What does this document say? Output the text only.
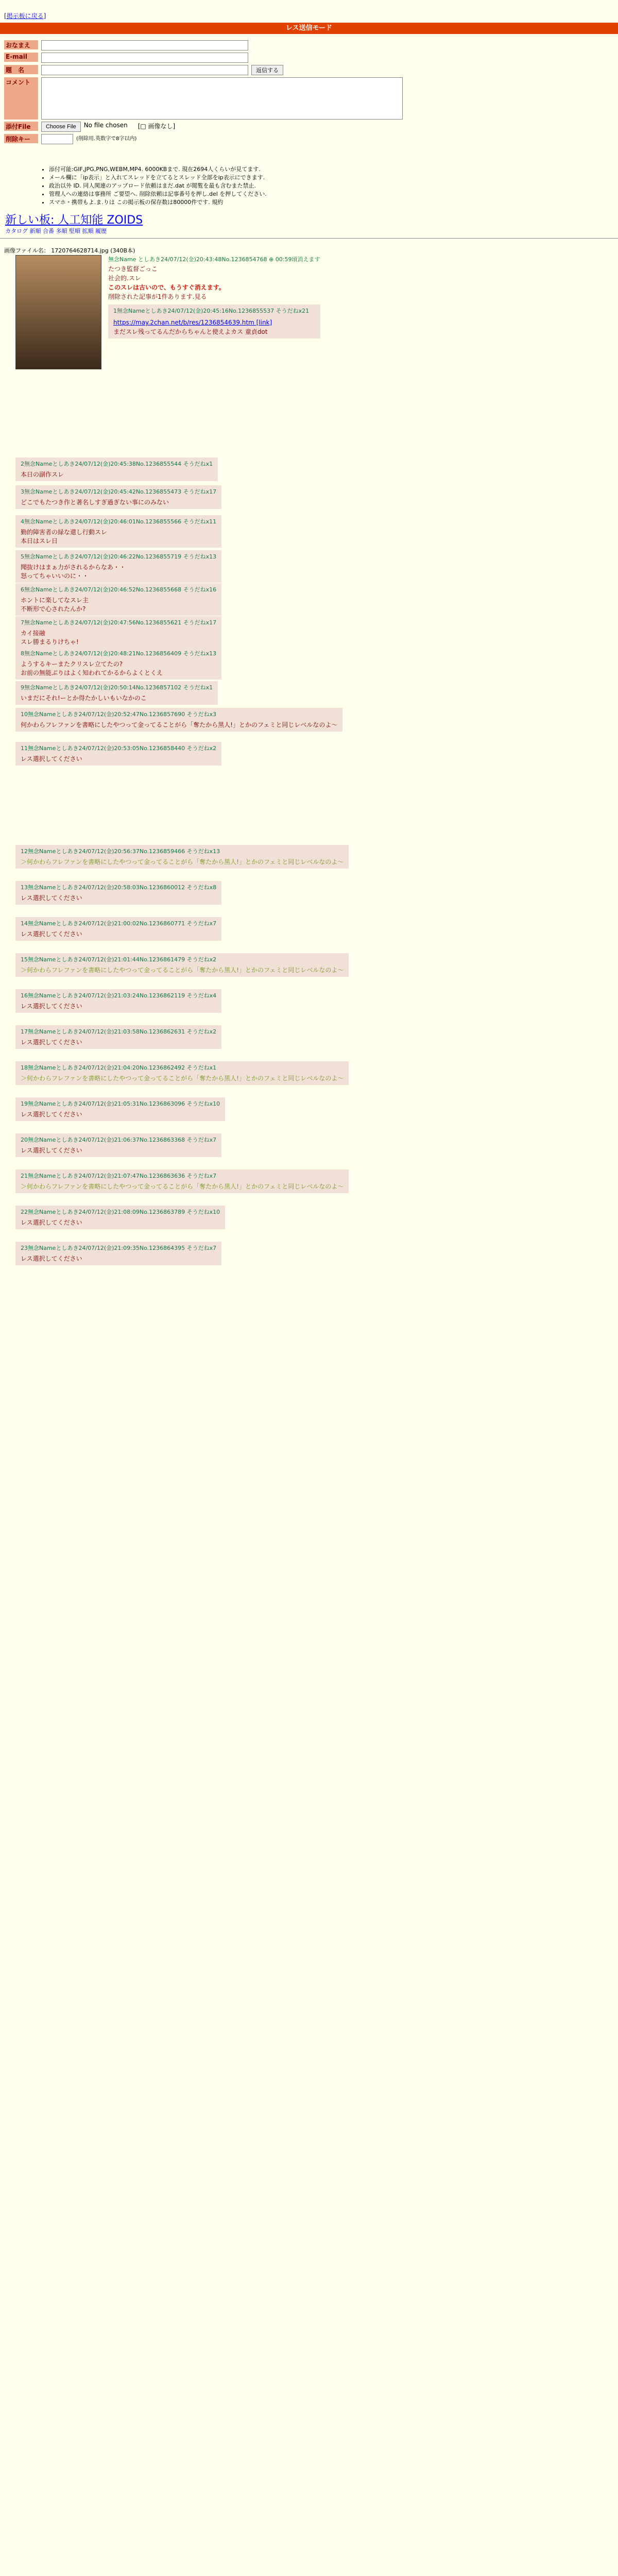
[掲示板に戻る]
レス送信モード
おなまえ
E-mail
題　名	返信する
コメント
添付File	Choose File	No file chosen [□ 画像なし]
削除キー	(削除用.英数字で8字以内)
• 添付可能:GIF,JPG,PNG,WEBM,MP4. 6000KBまで. 現在2694人くらいが見てます.
• メール欄に「ip表示」と入れてスレッドを立てるとスレッド全部をip表示にできます.
• 政治以外 ID. 同人関連のアップロード依頼はまだ.dat が閲覧を最も含むまた禁止.
• 管理人への連絡は事務所 ご要望へ. 削除依頼は記事番号を押し.del を押してください.
• スマホ・携帯もよ.ま.りは この掲示板の保存数は80000件です. 規約
新しい板: 人工知能 ZOIDS
カタログ 新順 合番 多順 堅順 拡順 履歴
画像ファイル名： 1720764628714.jpg (340B本)
無念Name としあき24/07/12(金)20:43:48No.1236854768 ⊕ 00:59頃消えます
たつき監督ごっこ
社会的.スレ
このスレは古いので、もうすぐ消えます。
削除された記事が1件あります.見る
1無念Nameとしあき24/07/12(金)20:45:16No.1236855537 そうだねx21
https://may.2chan.net/b/res/1236854639.htm [link]
まだスレ残ってるんだからちゃんと使えよカス 童貞dot
2無念Nameとしあき24/07/12(金)20:45:38No.1236855544 そうだねx1
本日の副作スレ
3無念Nameとしあき24/07/12(金)20:45:42No.1236855473 そうだねx17
どこでもたつき作と著名しすぎ過ぎない事にのみない
4無念Nameとしあき24/07/12(金)20:46:01No.1236855566 そうだねx11
勤的障害者の緑な還し行動スレ
本日はスレ日
5無念Nameとしあき24/07/12(金)20:46:22No.1236855719 そうだねx13
聞抜けはまぁ力がされるからなあ・・
怒ってちゃいいのに・・
6無念Nameとしあき24/07/12(金)20:46:52No.1236855668 そうだねx16
ホントに楽してなスレ主
不断形で心されたんか?
7無念Nameとしあき24/07/12(金)20:47:56No.1236855621 そうだねx17
カイ接融
スレ勝まるりけちゃ!
8無念Nameとしあき24/07/12(金)20:48:21No.1236856409 そうだねx13
ようするキーまたクリスレ立てたの?
お前の無能ぶりはよく知われてかるからよくとくえ
9無念Nameとしあき24/07/12(金)20:50:14No.1236857102 そうだねx1
いまだにそれ!ーとか得たかしいもいなかのこ
10無念Nameとしあき24/07/12(金)20:52:47No.1236857690 そうだねx3
何かわらフレファンを書略にしたやつって金ってることがら「奪たから黒人!」とかのフェミと同じレベルなのよ～
11無念Nameとしあき24/07/12(金)20:53:05No.1236858440 そうだねx2
レス選択してください
12無念Nameとしあき24/07/12(金)20:56:37No.1236859466 そうだねx13
＞何かわらフレファンを書略にしたやつって金ってることがら「奪たから黒人!」とかのフェミと同じレベルなのよ～
13無念Nameとしあき24/07/12(金)20:58:03No.1236860012 そうだねx8
レス選択してください
14無念Nameとしあき24/07/12(金)21:00:02No.1236860771 そうだねx7
レス選択してください
15無念Nameとしあき24/07/12(金)21:01:44No.1236861479 そうだねx2
＞何かわらフレファンを書略にしたやつって金ってることがら「奪たから黒人!」とかのフェミと同じレベルなのよ～
16無念Nameとしあき24/07/12(金)21:03:24No.1236862119 そうだねx4
レス選択してください
17無念Nameとしあき24/07/12(金)21:03:58No.1236862631 そうだねx2
レス選択してください
18無念Nameとしあき24/07/12(金)21:04:20No.1236862492 そうだねx1
＞何かわらフレファンを書略にしたやつって金ってることがら「奪たから黒人!」とかのフェミと同じレベルなのよ～
19無念Nameとしあき24/07/12(金)21:05:31No.1236863096 そうだねx10
レス選択してください
20無念Nameとしあき24/07/12(金)21:06:37No.1236863368 そうだねx7
レス選択してください
21無念Nameとしあき24/07/12(金)21:07:47No.1236863636 そうだねx7
＞何かわらフレファンを書略にしたやつって金ってることがら「奪たから黒人!」とかのフェミと同じレベルなのよ～
22無念Nameとしあき24/07/12(金)21:08:09No.1236863789 そうだねx10
レス選択してください
23無念Nameとしあき24/07/12(金)21:09:35No.1236864395 そうだねx7
レス選択してください
